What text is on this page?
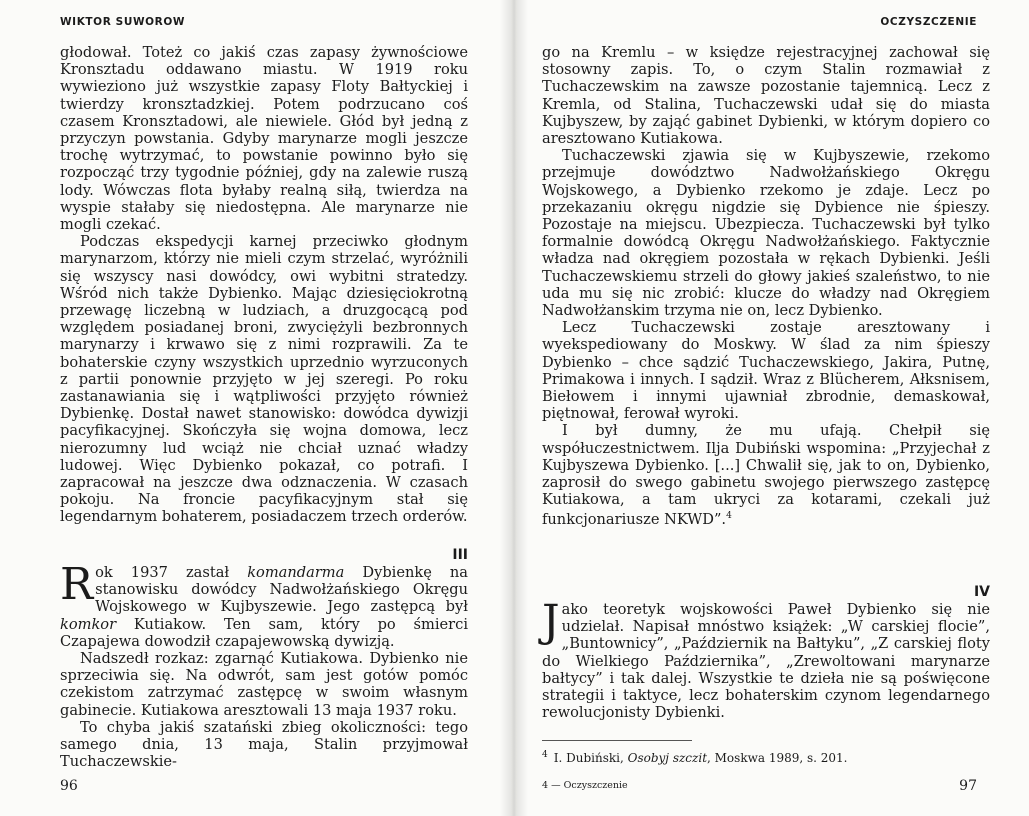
WIKTOR SUWOROW

głodował. Toteż co jakiś czas zapasy żywnościowe Kronsztadu oddawano miastu. W 1919 roku wywieziono już wszystkie zapasy Floty Bałtyckiej i twierdzy kronsztadzkiej. Potem podrzucano coś czasem Kronsztadowi, ale niewiele. Głód był jedną z przyczyn powstania. Gdyby marynarze mogli jeszcze trochę wytrzymać, to powstanie powinno było się rozpocząć trzy tygodnie później, gdy na zalewie ruszą lody. Wówczas flota byłaby realną siłą, twierdza na wyspie stałaby się niedostępna. Ale marynarze nie mogli czekać.

Podczas ekspedycji karnej przeciwko głodnym marynarzom, którzy nie mieli czym strzelać, wyróżnili się wszyscy nasi dowódcy, owi wybitni stratedzy. Wśród nich także Dybienko. Mając dziesięciokrotną przewagę liczebną w ludziach, a druzgocącą pod względem posiadanej broni, zwyciężyli bezbronnych marynarzy i krwawo się z nimi rozprawili. Za te bohaterskie czyny wszystkich uprzednio wyrzuconych z partii ponownie przyjęto w jej szeregi. Po roku zastanawiania się i wątpliwości przyjęto również Dybienkę. Dostał nawet stanowisko: dowódca dywizji pacyfikacyjnej. Skończyła się wojna domowa, lecz nierozumny lud wciąż nie chciał uznać władzy ludowej. Więc Dybienko pokazał, co potrafi. I zapracował na jeszcze dwa odznaczenia. W czasach pokoju. Na froncie pacyfikacyjnym stał się legendarnym bohaterem, posiadaczem trzech orderów.

III

Rok 1937 zastał komandarma Dybienkę na stanowisku dowódcy Nadwołżańskiego Okręgu Wojskowego w Kujbyszewie. Jego zastępcą był komkor Kutiakow. Ten sam, który po śmierci Czapajewa dowodził czapajewowską dywizją.

Nadszedł rozkaz: zgarnąć Kutiakowa. Dybienko nie sprzeciwia się. Na odwrót, sam jest gotów pomóc czekistom zatrzymać zastępcę w swoim własnym gabinecie. Kutiakowa aresztowali 13 maja 1937 roku.

To chyba jakiś szatański zbieg okoliczności: tego samego dnia, 13 maja, Stalin przyjmował Tuchaczewskie-

96
OCZYSZCZENIE

go na Kremlu – w księdze rejestracyjnej zachował się stosowny zapis. To, o czym Stalin rozmawiał z Tuchaczewskim na zawsze pozostanie tajemnicą. Lecz z Kremla, od Stalina, Tuchaczewski udał się do miasta Kujbyszew, by zająć gabinet Dybienki, w którym dopiero co aresztowano Kutiakowa.

Tuchaczewski zjawia się w Kujbyszewie, rzekomo przejmuje dowództwo Nadwołżańskiego Okręgu Wojskowego, a Dybienko rzekomo je zdaje. Lecz po przekazaniu okręgu nigdzie się Dybience nie śpieszy. Pozostaje na miejscu. Ubezpiecza. Tuchaczewski był tylko formalnie dowódcą Okręgu Nadwołżańskiego. Faktycznie władza nad okręgiem pozostała w rękach Dybienki. Jeśli Tuchaczewskiemu strzeli do głowy jakieś szaleństwo, to nie uda mu się nic zrobić: klucze do władzy nad Okręgiem Nadwołżanskim trzyma nie on, lecz Dybienko.

Lecz Tuchaczewski zostaje aresztowany i wyekspediowany do Moskwy. W ślad za nim śpieszy Dybienko – chce sądzić Tuchaczewskiego, Jakira, Putnę, Primakowa i innych. I sądził. Wraz z Blücherem, Ałksnisem, Biełowem i innymi ujawniał zbrodnie, demaskował, piętnował, ferował wyroki.

I był dumny, że mu ufają. Chełpił się współuczestnictwem. Ilja Dubiński wspomina: „Przyjechał z Kujbyszewa Dybienko. [...] Chwalił się, jak to on, Dybienko, zaprosił do swego gabinetu swojego pierwszego zastępcę Kutiakowa, a tam ukrycі za kotarami, czekali już funkcjonariusze NKWD”.$^4$

IV

Jako teoretyk wojskowości Paweł Dybienko się nie udzielał. Napisał mnóstwo książek: „W carskiej flocie”, „Buntownicy”, „Październik na Bałtyku”, „Z carskiej floty do Wielkiego Października”, „Zrewoltowani marynarze bałtycy” i tak dalej. Wszystkie te dzieła nie są poświęcone strategii i taktyce, lecz bohaterskim czynom legendarnego rewolucjonisty Dybienki.

$^4$ I. Dubiński, Osobyj szczit, Moskwa 1989, s. 201.
4 — Oczyszczenie	97
